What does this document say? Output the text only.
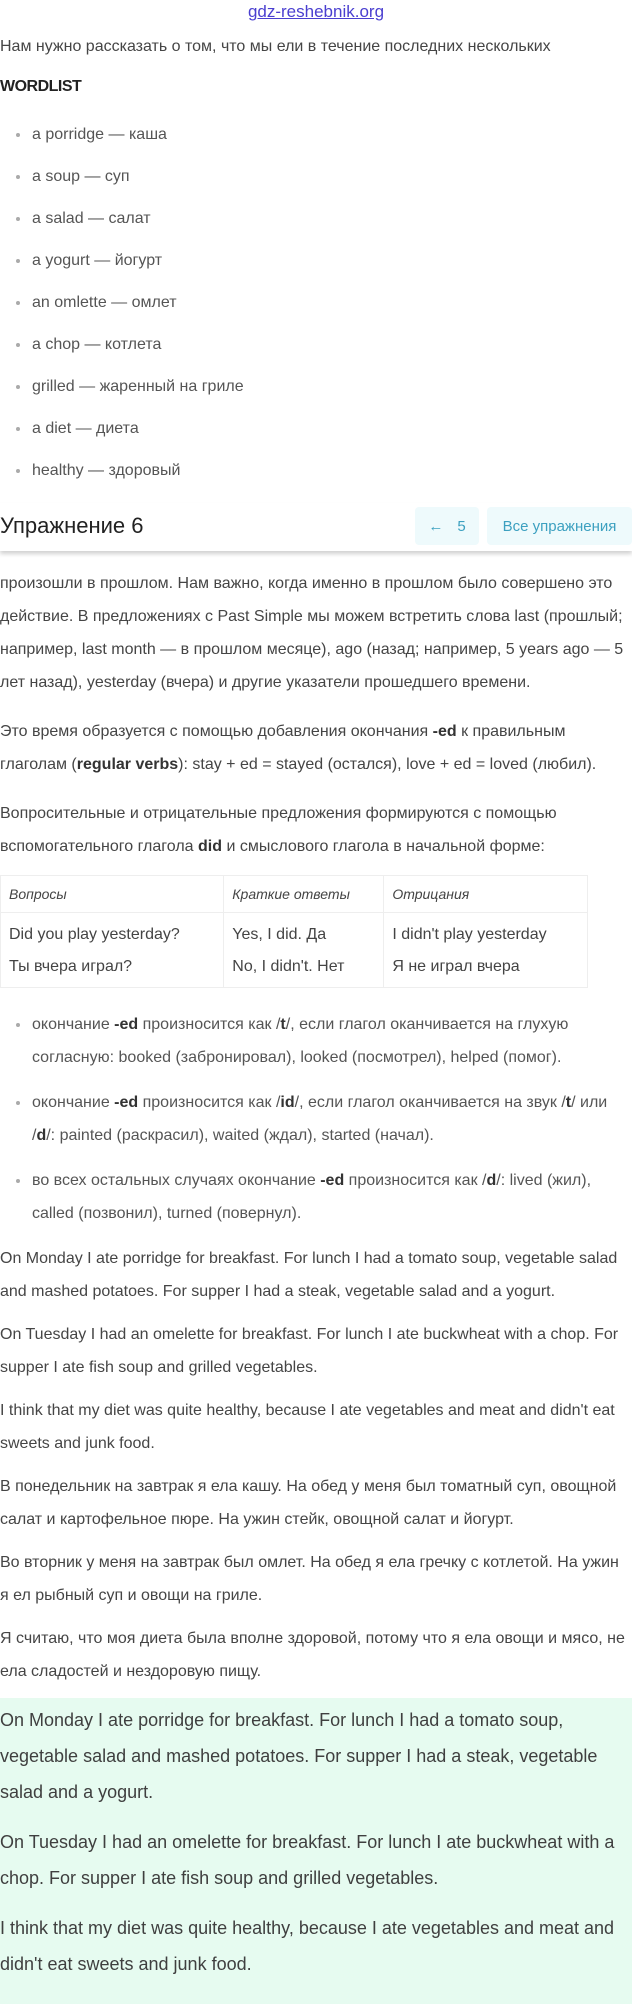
gdz-reshebnik.org

Нам нужно рассказать о том, что мы ели в течение последних нескольких

WORDLIST
a porridge — каша
a soup — суп
a salad — салат
a yogurt — йогурт
an omlette — омлет
a chop — котлета
grilled — жаренный на гриле
a diet — диета
healthy — здоровый
Упражнение 6	← 5 Все упражнения

произошли в прошлом. Нам важно, когда именно в прошлом было совершено это действие. В предложениях с Past Simple мы можем встретить слова last (прошлый; например, last month — в прошлом месяце), ago (назад; например, 5 years ago — 5 лет назад), yesterday (вчера) и другие указатели прошедшего времени.

Это время образуется с помощью добавления окончания -ed к правильным глаголам (regular verbs): stay + ed = stayed (остался), love + ed = loved (любил).

Вопросительные и отрицательные предложения формируются с помощью вспомогательного глагола did и смыслового глагола в начальной форме:

Вопросы	Краткие ответы	Отрицания
Did you play yesterday?	Yes, I did. Да	I didn't play yesterday
Ты вчера играл?	No, I didn't. Нет	Я не играл вчера
окончание -ed произносится как /t/, если глагол оканчивается на глухую согласную: booked (забронировал), looked (посмотрел), helped (помог).
окончание -ed произносится как /id/, если глагол оканчивается на звук /t/ или /d/: painted (раскрасил), waited (ждал), started (начал).
во всех остальных случаях окончание -ed произносится как /d/: lived (жил), called (позвонил), turned (повернул).

On Monday I ate porridge for breakfast. For lunch I had a tomato soup, vegetable salad and mashed potatoes. For supper I had a steak, vegetable salad and a yogurt.

On Tuesday I had an omelette for breakfast. For lunch I ate buckwheat with a chop. For supper I ate fish soup and grilled vegetables.

I think that my diet was quite healthy, because I ate vegetables and meat and didn't eat sweets and junk food.

В понедельник на завтрак я ела кашу. На обед у меня был томатный суп, овощной салат и картофельное пюре. На ужин стейк, овощной салат и йогурт.

Во вторник у меня на завтрак был омлет. На обед я ела гречку с котлетой. На ужин я ел рыбный суп и овощи на гриле.

Я считаю, что моя диета была вполне здоровой, потому что я ела овощи и мясо, не ела сладостей и нездоровую пищу.

On Monday I ate porridge for breakfast. For lunch I had a tomato soup, vegetable salad and mashed potatoes. For supper I had a steak, vegetable salad and a yogurt.

On Tuesday I had an omelette for breakfast. For lunch I ate buckwheat with a chop. For supper I ate fish soup and grilled vegetables.

I think that my diet was quite healthy, because I ate vegetables and meat and didn't eat sweets and junk food.
